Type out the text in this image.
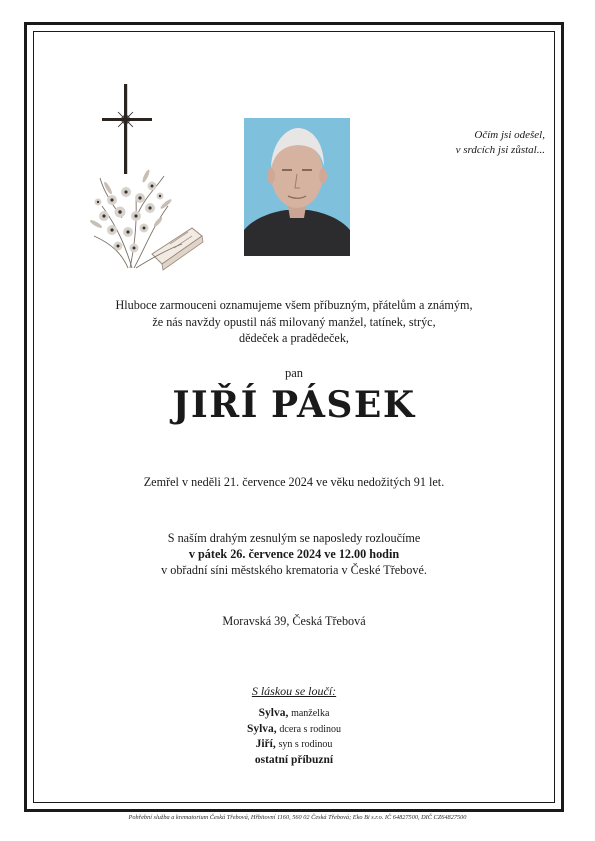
Očím jsi odešel,
v srdcích jsi zůstal...
Hluboce zarmouceni oznamujeme všem příbuzným, přátelům a známým,
že nás navždy opustil náš milovaný manžel, tatínek, strýc,
dědeček a pradědeček,
pan
JIŘÍ PÁSEK
Zemřel v neděli 21. července 2024 ve věku nedožitých 91 let.
S naším drahým zesnulým se naposledy rozloučíme
v pátek 26. července 2024 ve 12.00 hodin
v obřadní síni městského krematoria v České Třebové.
Moravská 39, Česká Třebová
S láskou se loučí:
Sylva, manželka
Sylva, dcera s rodinou
Jiří, syn s rodinou
ostatní příbuzní
Pohřební služba a krematorium Česká Třebová, Hřbitovní 1160, 560 02 Česká Třebová; Eko Bi s.r.o. IČ 64827500, DIČ CZ64827500
